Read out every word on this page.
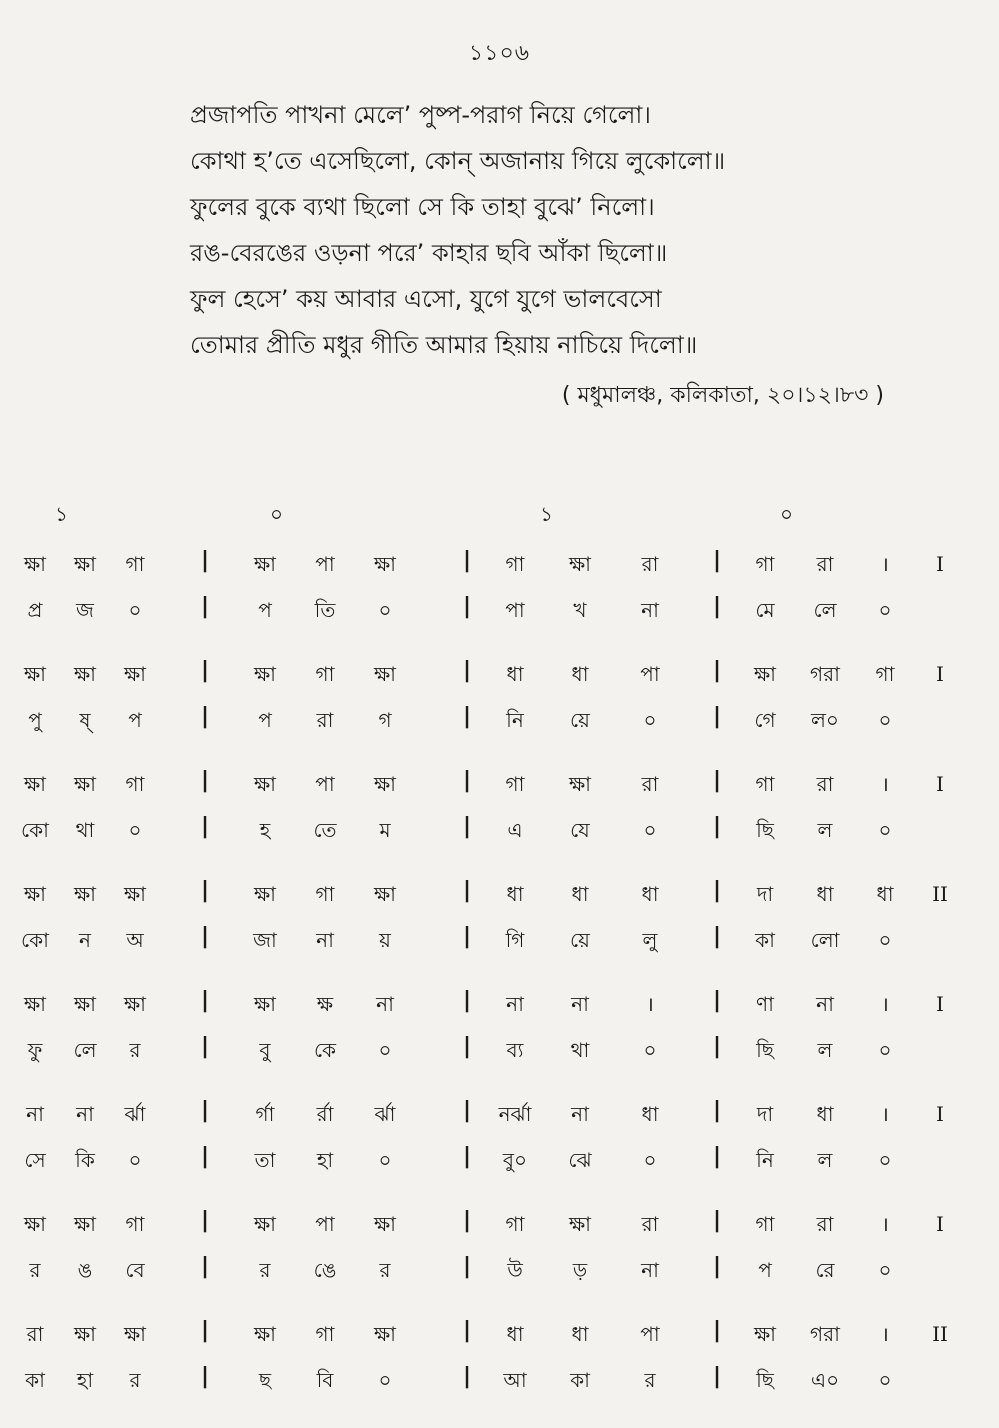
১১০৬
প্রজাপতি পাখনা মেলে’ পুষ্প-পরাগ নিয়ে গেলো।
কোথা হ’তে এসেছিলো, কোন্ অজানায় গিয়ে লুকোলো॥
ফুলের বুকে ব্যথা ছিলো সে কি তাহা বুঝে’ নিলো।
রঙ-বেরঙের ওড়না পরে’ কাহার ছবি আঁকা ছিলো॥
ফুল হেসে’ কয় আবার এসো, যুগে যুগে ভালবেসো
তোমার প্রীতি মধুর গীতি আমার হিয়ায় নাচিয়ে দিলো॥
( মধুমালঞ্চ, কলিকাতা, ২০।১২।৮৩ )
১	০	১	০
ক্ষা	ক্ষা	গা	ক্ষা	পা	ক্ষা	গা	ক্ষা	রা	গা	রা	।
|	|	|	I
প্র	জ	০	প	তি	০	পা	খ	না	মে	লে	০
|	|	|
ক্ষা	ক্ষা	ক্ষা	ক্ষা	গা	ক্ষা	ধা	ধা	পা	ক্ষা	গরা	গা
|	|	|	I
পু	ষ্	প	প	রা	গ	নি	য়ে	০	গে	ল০	০
|	|	|
ক্ষা	ক্ষা	গা	ক্ষা	পা	ক্ষা	গা	ক্ষা	রা	গা	রা	।
|	|	|	I
কো	থা	০	হ	তে	ম	এ	যে	০	ছি	ল	০
|	|	|
ক্ষা	ক্ষা	ক্ষা	ক্ষা	গা	ক্ষা	ধা	ধা	ধা	দা	ধা	ধা
|	|	|	II
কো	ন	অ	জা	না	য়	গি	য়ে	লু	কা	লো	০
|	|	|
ক্ষা	ক্ষা	ক্ষা	ক্ষা	ক্ষ	না	না	না	।	ণা	না	।
|	|	|	I
ফু	লে	র	বু	কে	০	ব্য	থা	০	ছি	ল	০
|	|	|
না	না	র্ঝা	র্গা	র্রা	র্ঝা	নর্ঝা	না	ধা	দা	ধা	।
|	|	|	I
সে	কি	০	তা	হা	০	বু০	ঝে	০	নি	ল	০
|	|	|
ক্ষা	ক্ষা	গা	ক্ষা	পা	ক্ষা	গা	ক্ষা	রা	গা	রা	।
|	|	|	I
র	ঙ	বে	র	ঙে	র	উ	ড়	না	প	রে	০
|	|	|
রা	ক্ষা	ক্ষা	ক্ষা	গা	ক্ষা	ধা	ধা	পা	ক্ষা	গরা	।
|	|	|	II
কা	হা	র	ছ	বি	০	আ	কা	র	ছি	এ০	০
|	|	|
